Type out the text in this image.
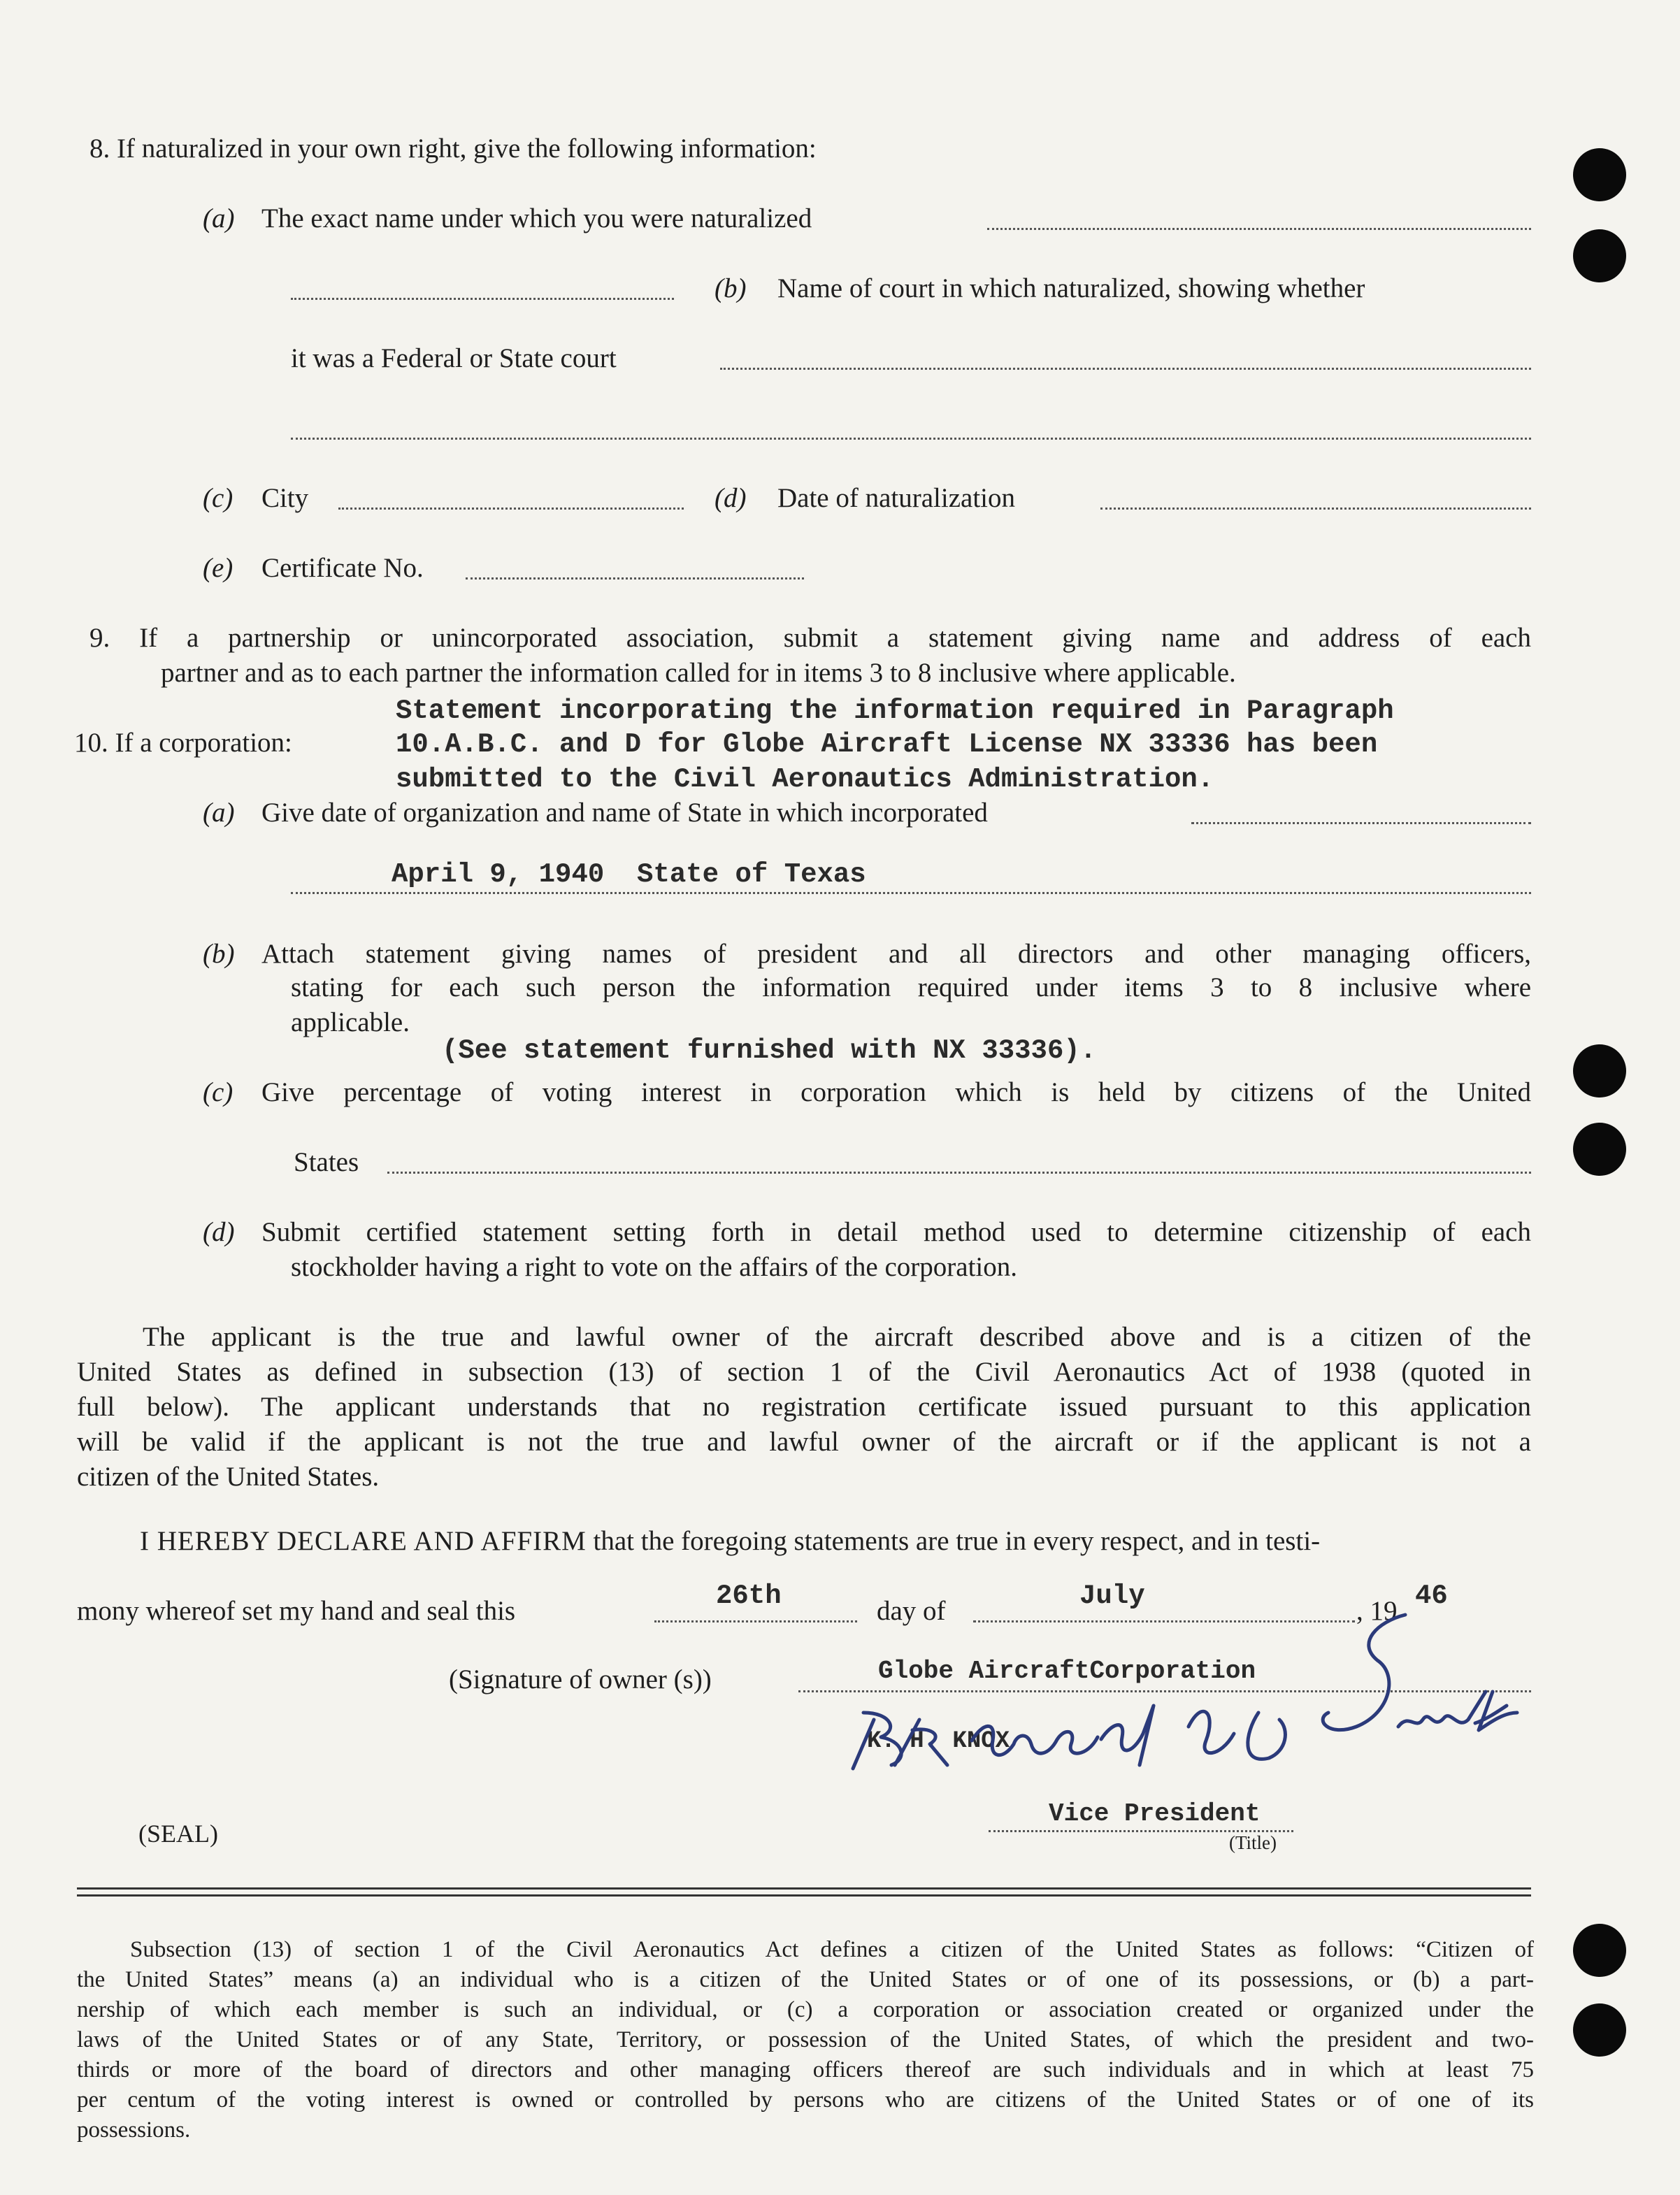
8. If naturalized in your own right, give the following information:
(a) The exact name under which you were naturalized
(b) Name of court in which naturalized, showing whether
it was a Federal or State court
(c) City	(d) Date of naturalization
(e) Certificate No.
9. If a partnership or unincorporated association, submit a statement giving name and address of each
partner and as to each partner the information called for in items 3 to 8 inclusive where applicable.
10. If a corporation:
Statement incorporating the information required in Paragraph
10.A.B.C. and D for Globe Aircraft License NX 33336 has been
submitted to the Civil Aeronautics Administration.
(a) Give date of organization and name of State in which incorporated
April 9, 1940  State of Texas
(b) Attach statement giving names of president and all directors and other managing officers,
stating for each such person the information required under items 3 to 8 inclusive where
applicable.
(See statement furnished with NX 33336).
(c) Give percentage of voting interest in corporation which is held by citizens of the United
States
(d) Submit certified statement setting forth in detail method used to determine citizenship of each
stockholder having a right to vote on the affairs of the corporation.
The applicant is the true and lawful owner of the aircraft described above and is a citizen of the
United States as defined in subsection (13) of section 1 of the Civil Aeronautics Act of 1938 (quoted in
full below). The applicant understands that no registration certificate issued pursuant to this application
will be valid if the applicant is not the true and lawful owner of the aircraft or if the applicant is not a
citizen of the United States.
I HEREBY DECLARE AND AFFIRM that the foregoing statements are true in every respect, and in testi-
mony whereof set my hand and seal this	26th	day of	July	, 19 46
(Signature of owner (s))	Globe AircraftCorporation
K. H. KNOX
(SEAL)
Vice President
(Title)
Subsection (13) of section 1 of the Civil Aeronautics Act defines a citizen of the United States as follows: “Citizen of
the United States” means (a) an individual who is a citizen of the United States or of one of its possessions, or (b) a part-
nership of which each member is such an individual, or (c) a corporation or association created or organized under the
laws of the United States or of any State, Territory, or possession of the United States, of which the president and two-
thirds or more of the board of directors and other managing officers thereof are such individuals and in which at least 75
per centum of the voting interest is owned or controlled by persons who are citizens of the United States or of one of its
possessions.
